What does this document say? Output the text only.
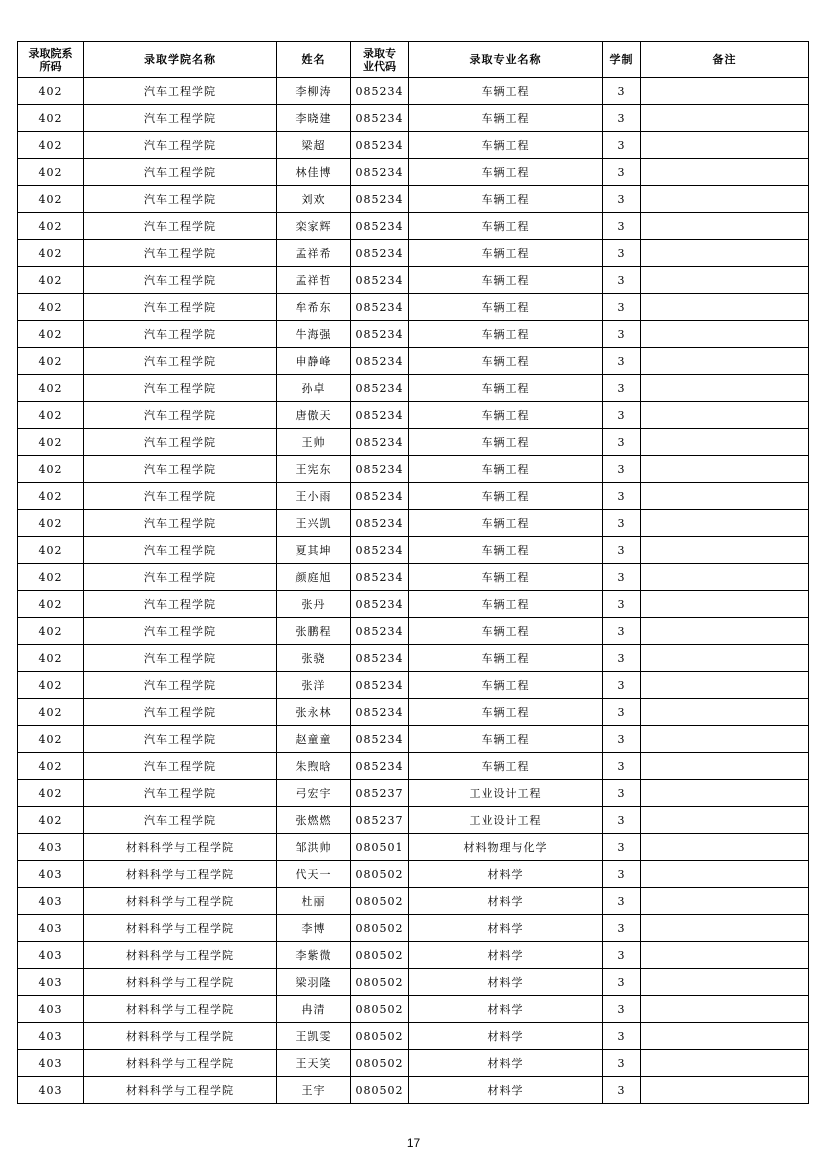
录取院系所码	录取学院名称	姓名	录取专业代码	录取专业名称	学制	备注
402	汽车工程学院	李柳涛	085234	车辆工程	3	
402	汽车工程学院	李晓建	085234	车辆工程	3	
402	汽车工程学院	梁超	085234	车辆工程	3	
402	汽车工程学院	林佳博	085234	车辆工程	3	
402	汽车工程学院	刘欢	085234	车辆工程	3	
402	汽车工程学院	栾家辉	085234	车辆工程	3	
402	汽车工程学院	孟祥希	085234	车辆工程	3	
402	汽车工程学院	孟祥哲	085234	车辆工程	3	
402	汽车工程学院	牟希东	085234	车辆工程	3	
402	汽车工程学院	牛海强	085234	车辆工程	3	
402	汽车工程学院	申静峰	085234	车辆工程	3	
402	汽车工程学院	孙卓	085234	车辆工程	3	
402	汽车工程学院	唐傲天	085234	车辆工程	3	
402	汽车工程学院	王帅	085234	车辆工程	3	
402	汽车工程学院	王宪东	085234	车辆工程	3	
402	汽车工程学院	王小雨	085234	车辆工程	3	
402	汽车工程学院	王兴凯	085234	车辆工程	3	
402	汽车工程学院	夏其坤	085234	车辆工程	3	
402	汽车工程学院	颜庭旭	085234	车辆工程	3	
402	汽车工程学院	张丹	085234	车辆工程	3	
402	汽车工程学院	张鹏程	085234	车辆工程	3	
402	汽车工程学院	张骁	085234	车辆工程	3	
402	汽车工程学院	张洋	085234	车辆工程	3	
402	汽车工程学院	张永林	085234	车辆工程	3	
402	汽车工程学院	赵童童	085234	车辆工程	3	
402	汽车工程学院	朱煦晗	085234	车辆工程	3	
402	汽车工程学院	弓宏宇	085237	工业设计工程	3	
402	汽车工程学院	张燃燃	085237	工业设计工程	3	
403	材料科学与工程学院	邹洪帅	080501	材料物理与化学	3	
403	材料科学与工程学院	代天一	080502	材料学	3	
403	材料科学与工程学院	杜丽	080502	材料学	3	
403	材料科学与工程学院	李博	080502	材料学	3	
403	材料科学与工程学院	李紫微	080502	材料学	3	
403	材料科学与工程学院	梁羽隆	080502	材料学	3	
403	材料科学与工程学院	冉清	080502	材料学	3	
403	材料科学与工程学院	王凯雯	080502	材料学	3	
403	材料科学与工程学院	王天笑	080502	材料学	3	
403	材料科学与工程学院	王宇	080502	材料学	3	
17
